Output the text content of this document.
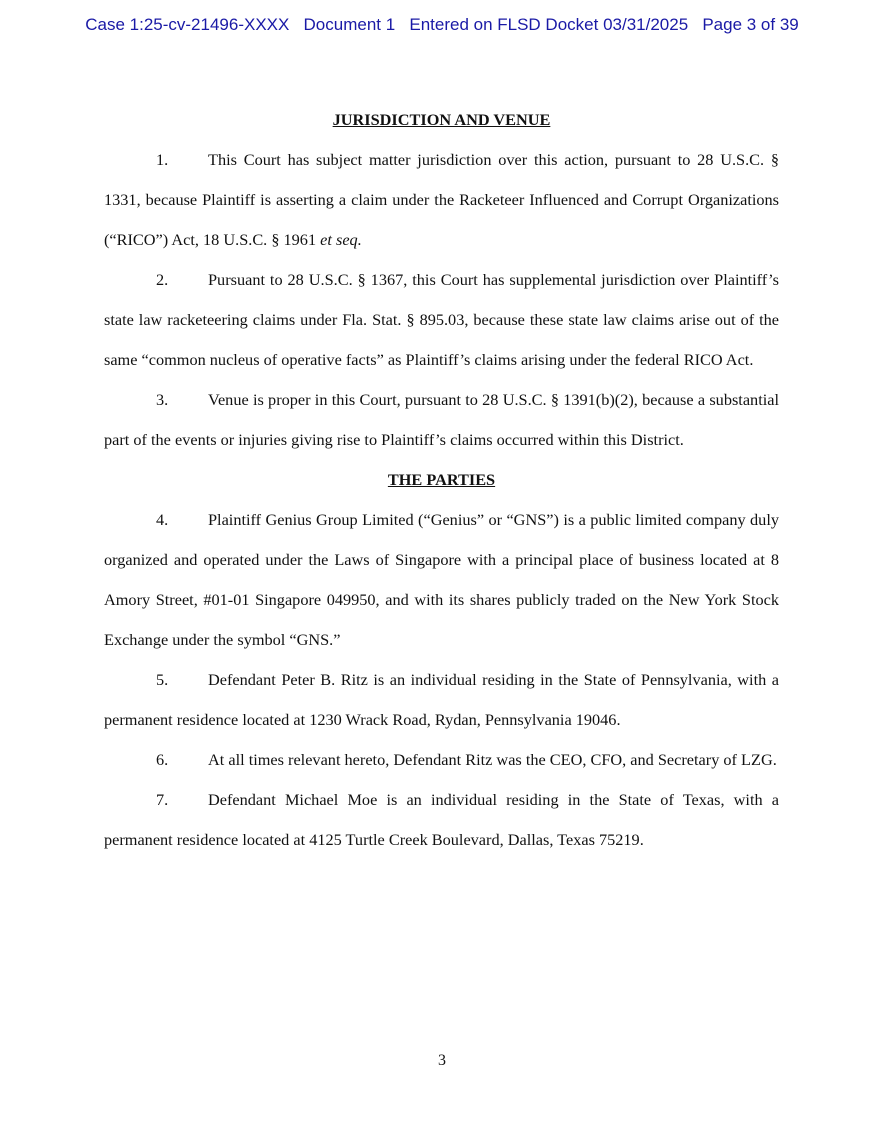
Case 1:25-cv-21496-XXXX Document 1 Entered on FLSD Docket 03/31/2025 Page 3 of 39
JURISDICTION AND VENUE

1. This Court has subject matter jurisdiction over this action, pursuant to 28 U.S.C. § 1331, because Plaintiff is asserting a claim under the Racketeer Influenced and Corrupt Organizations (“RICO”) Act, 18 U.S.C. § 1961 et seq.

2. Pursuant to 28 U.S.C. § 1367, this Court has supplemental jurisdiction over Plaintiff’s state law racketeering claims under Fla. Stat. § 895.03, because these state law claims arise out of the same “common nucleus of operative facts” as Plaintiff’s claims arising under the federal RICO Act.

3. Venue is proper in this Court, pursuant to 28 U.S.C. § 1391(b)(2), because a substantial part of the events or injuries giving rise to Plaintiff’s claims occurred within this District.

THE PARTIES

4. Plaintiff Genius Group Limited (“Genius” or “GNS”) is a public limited company duly organized and operated under the Laws of Singapore with a principal place of business located at 8 Amory Street, #01-01 Singapore 049950, and with its shares publicly traded on the New York Stock Exchange under the symbol “GNS.”

5. Defendant Peter B. Ritz is an individual residing in the State of Pennsylvania, with a permanent residence located at 1230 Wrack Road, Rydan, Pennsylvania 19046.

6. At all times relevant hereto, Defendant Ritz was the CEO, CFO, and Secretary of LZG.

7. Defendant Michael Moe is an individual residing in the State of Texas, with a permanent residence located at 4125 Turtle Creek Boulevard, Dallas, Texas 75219.

3
